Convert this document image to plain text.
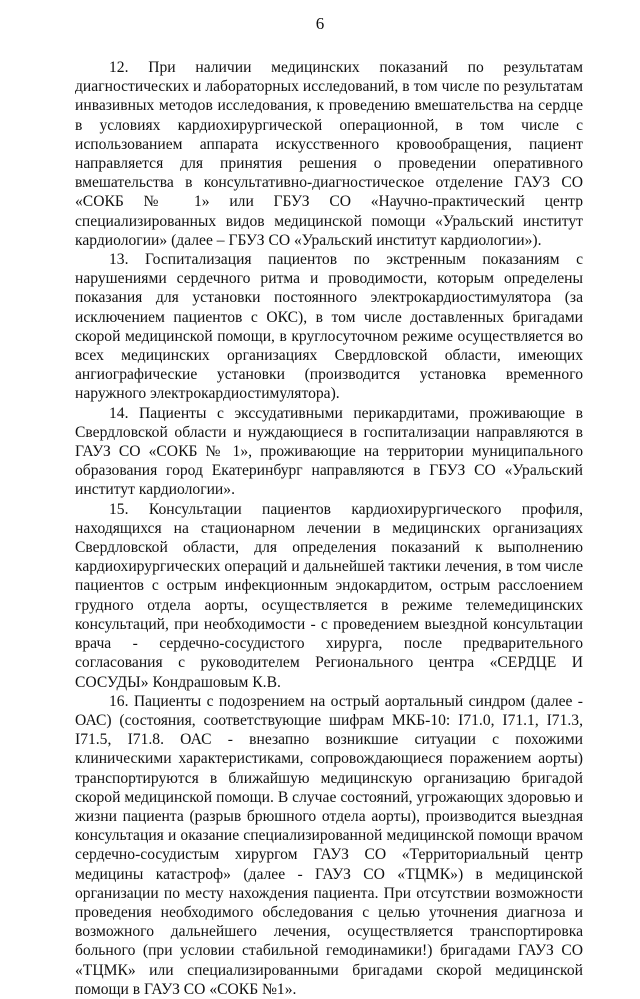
6

12. При наличии медицинских показаний по результатам диагностических и лабораторных исследований, в том числе по результатам инвазивных методов исследования, к проведению вмешательства на сердце в условиях кардиохирургической операционной, в том числе с использованием аппарата искусственного кровообращения, пациент направляется для принятия решения о проведении оперативного вмешательства в консультативно-диагностическое отделение ГАУЗ СО «СОКБ № 1» или ГБУЗ СО «Научно-практический центр специализированных видов медицинской помощи «Уральский институт кардиологии» (далее – ГБУЗ СО «Уральский институт кардиологии»).

13. Госпитализация пациентов по экстренным показаниям с нарушениями сердечного ритма и проводимости, которым определены показания для установки постоянного электрокардиостимулятора (за исключением пациентов с ОКС), в том числе доставленных бригадами скорой медицинской помощи, в круглосуточном режиме осуществляется во всех медицинских организациях Свердловской области, имеющих ангиографические установки (производится установка временного наружного электрокардиостимулятора).

14. Пациенты с экссудативными перикардитами, проживающие в Свердловской области и нуждающиеся в госпитализации направляются в ГАУЗ СО «СОКБ № 1», проживающие на территории муниципального образования город Екатеринбург направляются в ГБУЗ СО «Уральский институт кардиологии».

15. Консультации пациентов кардиохирургического профиля, находящихся на стационарном лечении в медицинских организациях Свердловской области, для определения показаний к выполнению кардиохирургических операций и дальнейшей тактики лечения, в том числе пациентов с острым инфекционным эндокардитом, острым расслоением грудного отдела аорты, осуществляется в режиме телемедицинских консультаций, при необходимости - с проведением выездной консультации врача - сердечно-сосудистого хирурга, после предварительного согласования с руководителем Регионального центра «СЕРДЦЕ И СОСУДЫ» Кондрашовым К.В.

16. Пациенты с подозрением на острый аортальный синдром (далее - ОАС) (состояния, соответствующие шифрам МКБ-10: I71.0, I71.1, I71.3, I71.5, I71.8. ОАС - внезапно возникшие ситуации с похожими клиническими характеристиками, сопровождающиеся поражением аорты) транспортируются в ближайшую медицинскую организацию бригадой скорой медицинской помощи. В случае состояний, угрожающих здоровью и жизни пациента (разрыв брюшного отдела аорты), производится выездная консультация и оказание специализированной медицинской помощи врачом сердечно-сосудистым хирургом ГАУЗ СО «Территориальный центр медицины катастроф» (далее - ГАУЗ СО «ТЦМК») в медицинской организации по месту нахождения пациента. При отсутствии возможности проведения необходимого обследования с целью уточнения диагноза и возможного дальнейшего лечения, осуществляется транспортировка больного (при условии стабильной гемодинамики!) бригадами ГАУЗ СО «ТЦМК» или специализированными бригадами скорой медицинской помощи в ГАУЗ СО «СОКБ №1».
